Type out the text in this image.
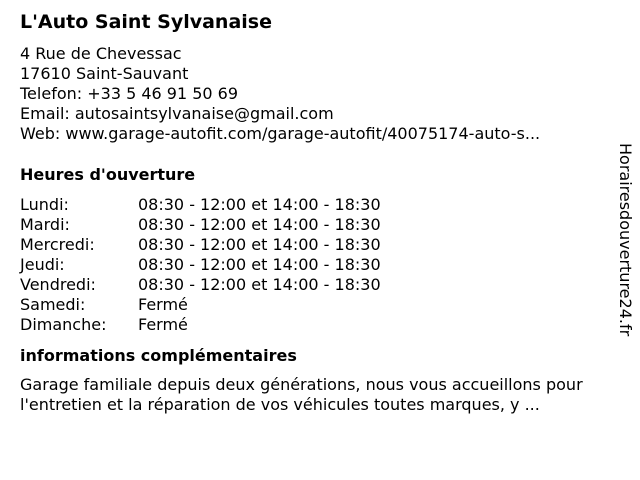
L'Auto Saint Sylvanaise
4 Rue de Chevessac
17610 Saint-Sauvant
Telefon: +33 5 46 91 50 69
Email: autosaintsylvanaise@gmail.com
Web: www.garage-autofit.com/garage-autofit/40075174-auto-s...
Heures d'ouverture
Lundi:	08:30 - 12:00 et 14:00 - 18:30
Mardi:	08:30 - 12:00 et 14:00 - 18:30
Mercredi:	08:30 - 12:00 et 14:00 - 18:30
Jeudi:	08:30 - 12:00 et 14:00 - 18:30
Vendredi:	08:30 - 12:00 et 14:00 - 18:30
Samedi:	Fermé
Dimanche:	Fermé
informations complémentaires
Garage familiale depuis deux générations, nous vous accueillons pour
l'entretien et la réparation de vos véhicules toutes marques, y ...
Horairesdouverture24.fr
